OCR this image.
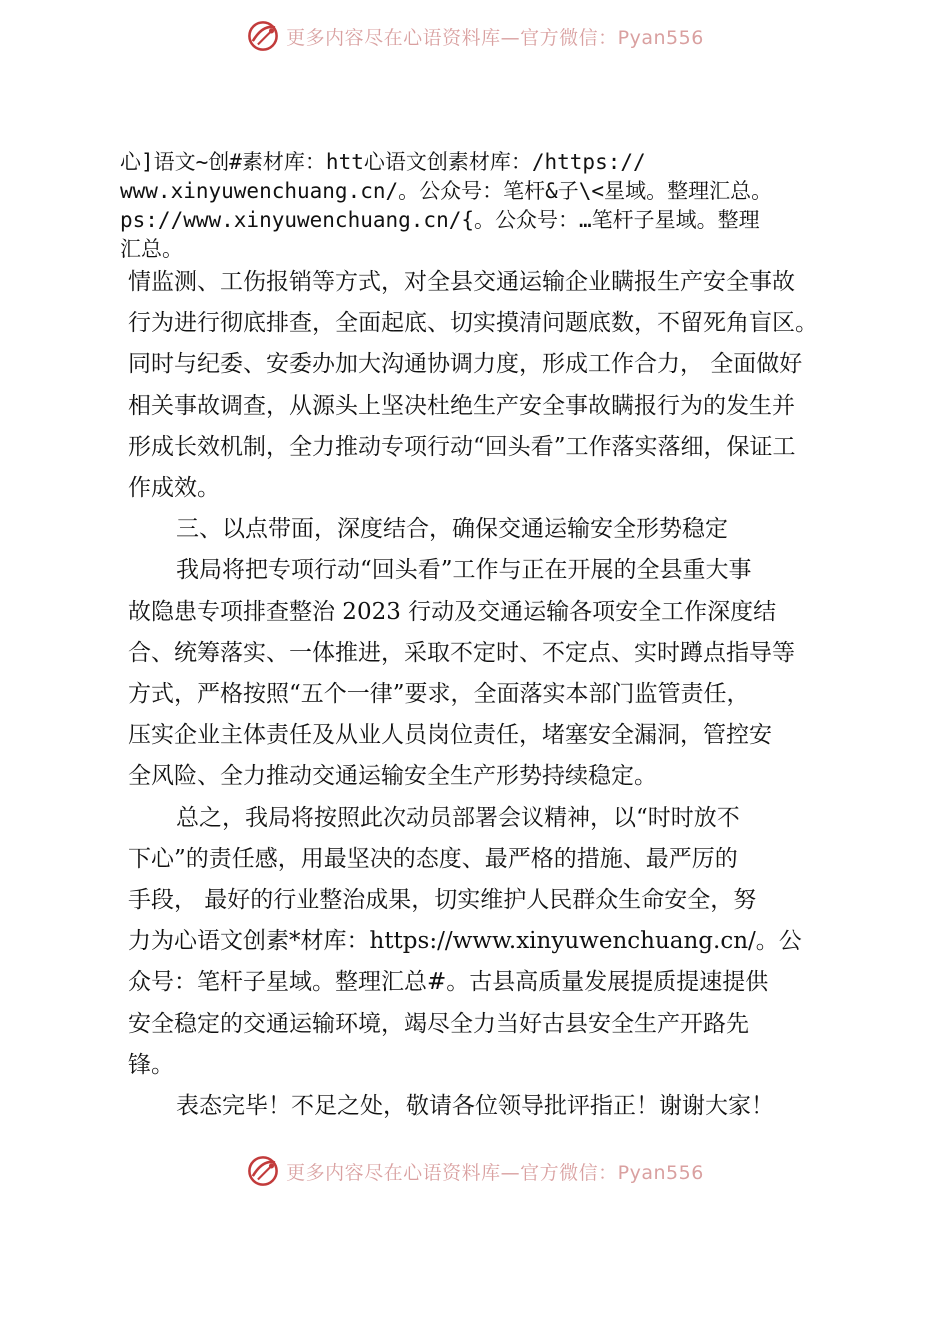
更多内容尽在心语资料库—官方微信：Pyan556
心]语文~创#素材库：htt心语文创素材库：/https://
www.xinyuwenchuang.cn/。公众号：笔杆&子\<星域。整理汇总。
ps://www.xinyuwenchuang.cn/{。公众号：…笔杆子星域。整理
汇总。

情监测、工伤报销等方式，对全县交通运输企业瞒报生产安全事故

行为进行彻底排查，全面起底、切实摸清问题底数，不留死角盲区。

同时与纪委、安委办加大沟通协调力度，形成工作合力， 全面做好

相关事故调查，从源头上坚决杜绝生产安全事故瞒报行为的发生并

形成长效机制，全力推动专项行动“回头看”工作落实落细，保证工

作成效。

三、以点带面，深度结合，确保交通运输安全形势稳定

我局将把专项行动“回头看”工作与正在开展的全县重大事

故隐患专项排查整治 2023 行动及交通运输各项安全工作深度结

合、统筹落实、一体推进，采取不定时、不定点、实时蹲点指导等

方式，严格按照“五个一律”要求，全面落实本部门监管责任，

压实企业主体责任及从业人员岗位责任，堵塞安全漏洞，管控安

全风险、全力推动交通运输安全生产形势持续稳定。

总之，我局将按照此次动员部署会议精神，以“时时放不

下心”的责任感，用最坚决的态度、最严格的措施、最严厉的

手段， 最好的行业整治成果，切实维护人民群众生命安全，努

力为心语文创素*材库：https://www.xinyuwenchuang.cn/。公

众号：笔杆子星域。整理汇总#。古县高质量发展提质提速提供

安全稳定的交通运输环境，竭尽全力当好古县安全生产开路先

锋。

表态完毕！不足之处，敬请各位领导批评指正！谢谢大家！

更多内容尽在心语资料库—官方微信：Pyan556
